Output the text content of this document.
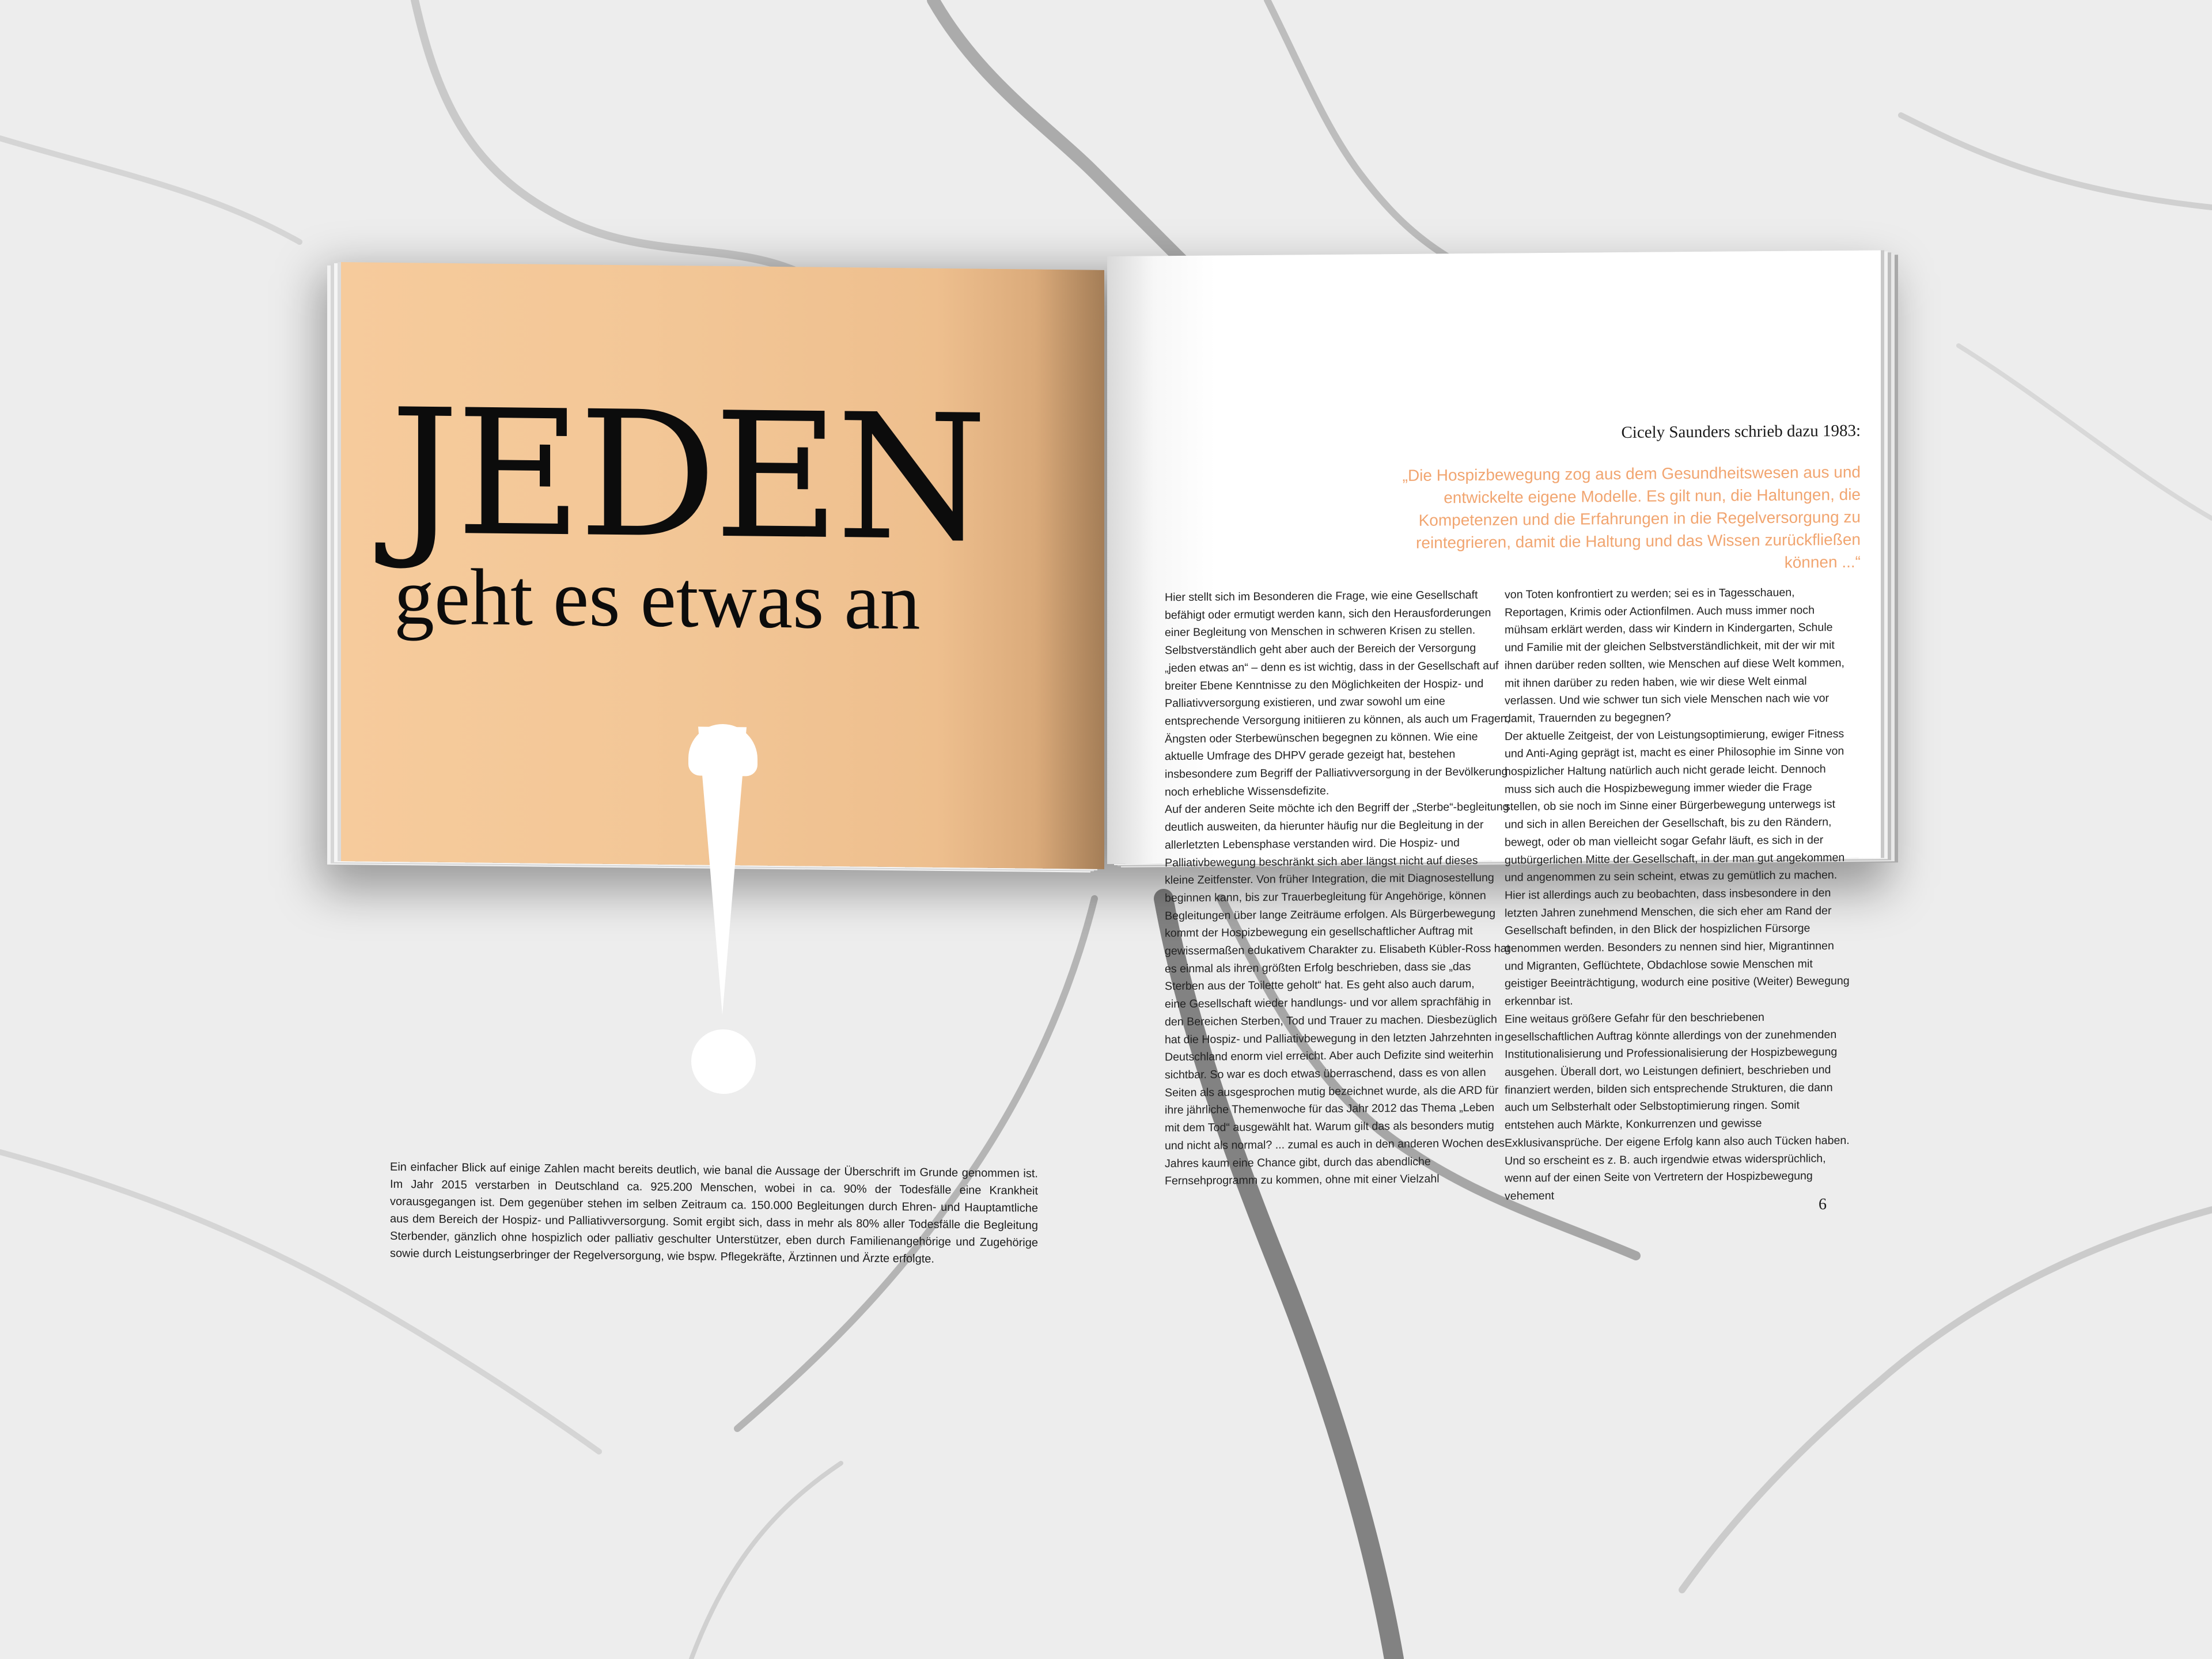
JEDEN
geht es etwas an

Ein einfacher Blick auf einige Zahlen macht bereits deutlich, wie banal die Aussage der Überschrift im Grunde genommen ist. Im Jahr 2015 verstarben in Deutschland ca. 925.200 Menschen, wobei in ca. 90% der Todesfälle eine Krankheit vorausgegangen ist. Dem gegenüber stehen im selben Zeitraum ca. 150.000 Begleitungen durch Ehren- und Hauptamtliche aus dem Bereich der Hospiz- und Palliativversorgung. Somit ergibt sich, dass in mehr als 80% aller Todesfälle die Begleitung Sterbender, gänzlich ohne hospizlich oder palliativ geschulter Unterstützer, eben durch Familienangehörige und Zugehörige sowie durch Leistungserbringer der Regelversorgung, wie bspw. Pflegekräfte, Ärztinnen und Ärzte erfolgte.

Cicely Saunders schrieb dazu 1983:

„Die Hospizbewegung zog aus dem Gesundheitswesen aus und entwickelte eigene Modelle. Es gilt nun, die Haltungen, die Kompetenzen und die Erfahrungen in die Regelversorgung zu reintegrieren, damit die Haltung und das Wissen zurückfließen können ...“

Hier stellt sich im Besonderen die Frage, wie eine Gesellschaft befähigt oder ermutigt werden kann, sich den Herausforderungen einer Begleitung von Menschen in schweren Krisen zu stellen. Selbstverständlich geht aber auch der Bereich der Versorgung „jeden etwas an“ – denn es ist wichtig, dass in der Gesellschaft auf breiter Ebene Kenntnisse zu den Möglichkeiten der Hospiz- und Palliativversorgung existieren, und zwar sowohl um eine entsprechende Versorgung initiieren zu können, als auch um Fragen, Ängsten oder Sterbewünschen begegnen zu können. Wie eine aktuelle Umfrage des DHPV gerade gezeigt hat, bestehen insbesondere zum Begriff der Palliativversorgung in der Bevölkerung noch erhebliche Wissensdefizite.
Auf der anderen Seite möchte ich den Begriff der „Sterbe“-begleitung deutlich ausweiten, da hierunter häufig nur die Begleitung in der allerletzten Lebensphase verstanden wird. Die Hospiz- und Palliativbewegung beschränkt sich aber längst nicht auf dieses kleine Zeitfenster. Von früher Integration, die mit Diagnosestellung beginnen kann, bis zur Trauerbegleitung für Angehörige, können Begleitungen über lange Zeiträume erfolgen. Als Bürgerbewegung kommt der Hospizbewegung ein gesellschaftlicher Auftrag mit gewissermaßen edukativem Charakter zu. Elisabeth Kübler-Ross hat es einmal als ihren größten Erfolg beschrieben, dass sie „das Sterben aus der Toilette geholt“ hat. Es geht also auch darum,
eine Gesellschaft wieder handlungs- und vor allem sprachfähig in den Bereichen Sterben, Tod und Trauer zu machen. Diesbezüglich hat die Hospiz- und Palliativbewegung in den letzten Jahrzehnten in Deutschland enorm viel erreicht. Aber auch Defizite sind weiterhin sichtbar. So war es doch etwas überraschend, dass es von allen Seiten als ausgesprochen mutig bezeichnet wurde, als die ARD für ihre jährliche Themenwoche für das Jahr 2012 das Thema „Leben mit dem Tod“ ausgewählt hat. Warum gilt das als besonders mutig und nicht als normal? ... zumal es auch in den anderen Wochen des Jahres kaum eine Chance gibt, durch das abendliche Fernsehprogramm zu kommen, ohne mit einer Vielzahl

von Toten konfrontiert zu werden; sei es in Tagesschauen, Reportagen, Krimis oder Actionfilmen. Auch muss immer noch mühsam erklärt werden, dass wir Kindern in Kindergarten, Schule und Familie mit der gleichen Selbstverständlichkeit, mit der wir mit ihnen darüber reden sollten, wie Menschen auf diese Welt kommen, mit ihnen darüber zu reden haben, wie wir diese Welt einmal verlassen. Und wie schwer tun sich viele Menschen nach wie vor damit, Trauernden zu begegnen?
Der aktuelle Zeitgeist, der von Leistungsoptimierung, ewiger Fitness und Anti-Aging geprägt ist, macht es einer Philosophie im Sinne von hospizlicher Haltung natürlich auch nicht gerade leicht. Dennoch muss sich auch die Hospizbewegung immer wieder die Frage stellen, ob sie noch im Sinne einer Bürgerbewegung unterwegs ist
und sich in allen Bereichen der Gesellschaft, bis zu den Rändern, bewegt, oder ob man vielleicht sogar Gefahr läuft, es sich in der gutbürgerlichen Mitte der Gesellschaft, in der man gut angekommen und angenommen zu sein scheint, etwas zu gemütlich zu machen. Hier ist allerdings auch zu beobachten, dass insbesondere in den letzten Jahren zunehmend Menschen, die sich eher am Rand der Gesellschaft befinden, in den Blick der hospizlichen Fürsorge genommen werden. Besonders zu nennen sind hier, Migrantinnen und Migranten, Geflüchtete, Obdachlose sowie Menschen mit geistiger Beeinträchtigung, wodurch eine positive (Weiter) Bewegung erkennbar ist.
Eine weitaus größere Gefahr für den beschriebenen gesellschaftlichen Auftrag könnte allerdings von der zunehmenden Institutionalisierung und Professionalisierung der Hospizbewegung ausgehen. Überall dort, wo Leistungen definiert, beschrieben und finanziert werden, bilden sich entsprechende Strukturen, die dann auch um Selbsterhalt oder Selbstoptimierung ringen. Somit entstehen auch Märkte, Konkurrenzen und gewisse Exklusivansprüche. Der eigene Erfolg kann also auch Tücken haben. Und so erscheint es z. B. auch irgendwie etwas widersprüchlich, wenn auf der einen Seite von Vertretern der Hospizbewegung vehement	6
